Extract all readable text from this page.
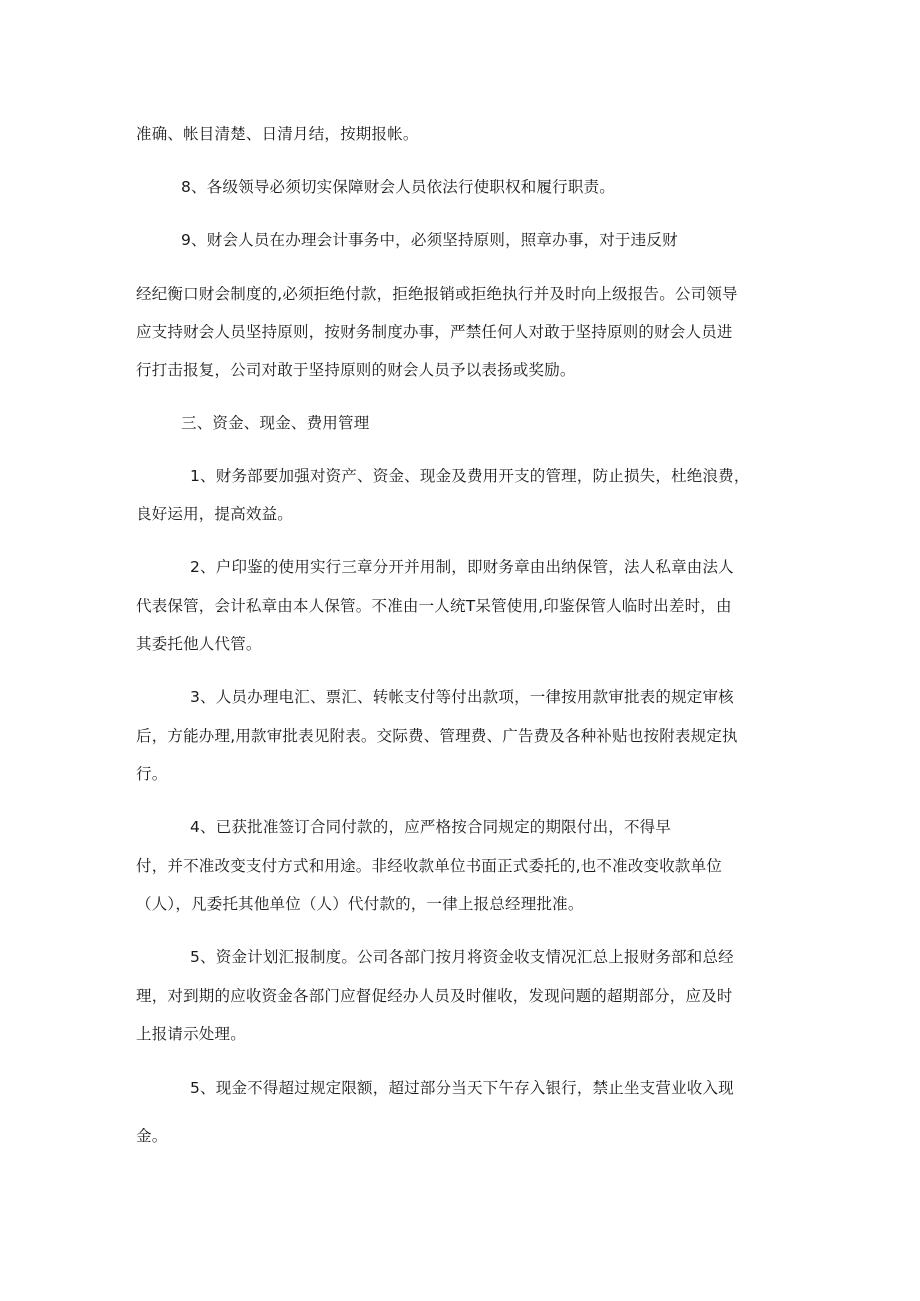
准确、帐目清楚、日清月结，按期报帐。
8、各级领导必须切实保障财会人员依法行使职权和履行职责。
9、财会人员在办理会计事务中，必须坚持原则，照章办事，对于违反财
经纪衡口财会制度的,必须拒绝付款，拒绝报销或拒绝执行并及时向上级报告。公司领导
应支持财会人员坚持原则，按财务制度办事，严禁任何人对敢于坚持原则的财会人员进
行打击报复，公司对敢于坚持原则的财会人员予以表扬或奖励。
三、资金、现金、费用管理
1、财务部要加强对资产、资金、现金及费用开支的管理，防止损失，杜绝浪费，
良好运用，提高效益。
2、户印鉴的使用实行三章分开并用制，即财务章由出纳保管，法人私章由法人
代表保管，会计私章由本人保管。不准由一人统T呆管使用,印鉴保管人临时出差时，由
其委托他人代管。
3、人员办理电汇、票汇、转帐支付等付出款项，一律按用款审批表的规定审核
后，方能办理,用款审批表见附表。交际费、管理费、广告费及各种补贴也按附表规定执
行。
4、已获批准签订合同付款的，应严格按合同规定的期限付出，不得早
付，并不准改变支付方式和用途。非经收款单位书面正式委托的,也不准改变收款单位
（人），凡委托其他单位（人）代付款的，一律上报总经理批准。
5、资金计划汇报制度。公司各部门按月将资金收支情况汇总上报财务部和总经
理，对到期的应收资金各部门应督促经办人员及时催收，发现问题的超期部分，应及时
上报请示处理。
5、现金不得超过规定限额，超过部分当天下午存入银行，禁止坐支营业收入现
金。
